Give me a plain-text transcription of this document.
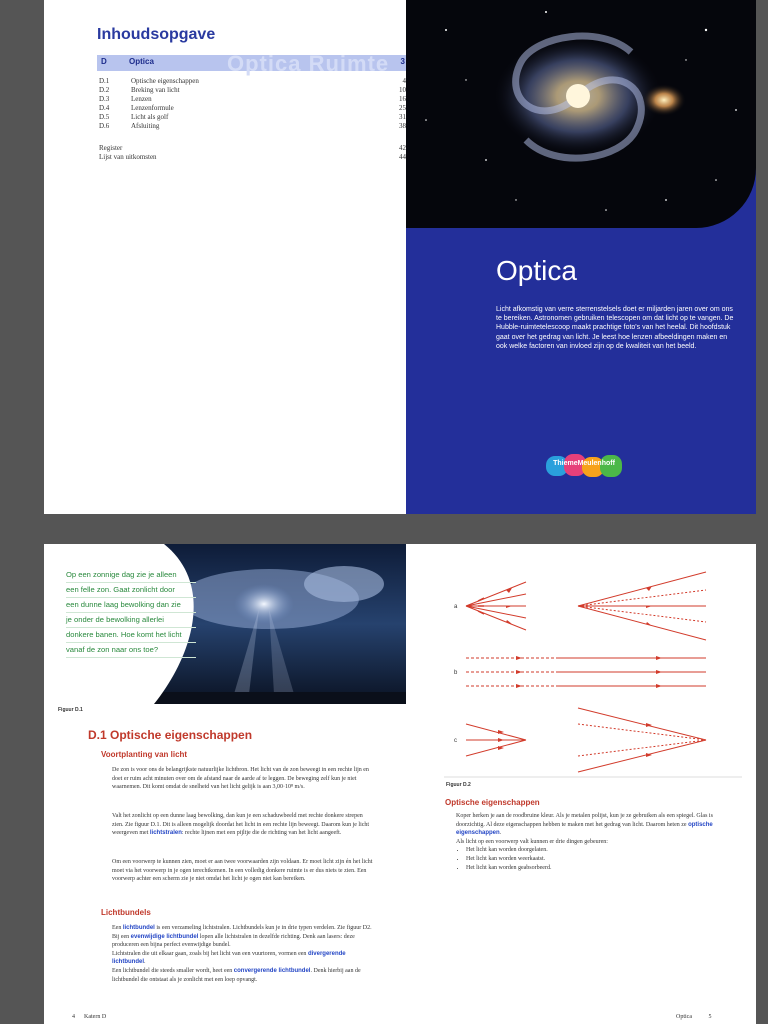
Inhoudsopgave
Optica Ruimte
D	Optica	3
D.1	Optische eigenschappen	4
D.2	Breking van licht	10
D.3	Lenzen	16
D.4	Lenzenformule	25
D.5	Licht als golf	31
D.6	Afsluiting	38
Register	42
Lijst van uitkomsten	44
Optica
Licht afkomstig van verre sterrenstelsels doet er miljarden jaren over om ons te bereiken. Astronomen gebruiken telescopen om dat licht op te vangen. De Hubble-ruimtetelescoop maakt prachtige foto's van het heelal. Dit hoofdstuk gaat over het gedrag van licht. Je leest hoe lenzen afbeeldingen maken en ook welke factoren van invloed zijn op de kwaliteit van het beeld.
ThiemeMeulenhoff

Op een zonnige dag zie je alleen

een felle zon. Gaat zonlicht door

een dunne laag bewolking dan zie

je onder de bewolking allerlei

donkere banen. Hoe komt het licht

vanaf de zon naar ons toe?

Figuur D.1
D.1 Optische eigenschappen
Voortplanting van licht
De zon is voor ons de belangrijkste natuurlijke lichtbron. Het licht van de zon beweegt in een rechte lijn en doet er ruim acht minuten over om de afstand naar de aarde af te leggen. De beweging zelf kun je niet waarnemen. Dit komt omdat de snelheid van het licht gelijk is aan 3,00·10⁸ m/s.
Valt het zonlicht op een dunne laag bewolking, dan kun je een schaduwbeeld met rechte donkere strepen zien. Zie figuur D.1. Dit is alleen mogelijk doordat het licht in een rechte lijn beweegt. Daarom kun je licht weergeven met lichtstralen: rechte lijnen met een pijltje die de richting van het licht aangeeft.
Om een voorwerp te kunnen zien, moet er aan twee voorwaarden zijn voldaan. Er moet licht zijn én het licht moet via het voorwerp in je ogen terechtkomen. In een volledig donkere ruimte is er dus niets te zien. Een voorwerp achter een scherm zie je niet omdat het licht je ogen niet kan bereiken.
Lichtbundels
Een lichtbundel is een verzameling lichtstralen. Lichtbundels kun je in drie typen verdelen. Zie figuur D2.
Bij een evenwijdige lichtbundel lopen alle lichtstralen in dezelfde richting. Denk aan lasers: deze produceren een bijna perfect evenwijdige bundel.
Lichtstralen die uit elkaar gaan, zoals bij het licht van een vuurtoren, vormen een divergerende lichtbundel.
Een lichtbundel die steeds smaller wordt, heet een convergerende lichtbundel. Denk hierbij aan de lichtbundel die ontstaat als je zonlicht met een loep opvangt.
4 Katern D
a
b
c
Figuur D.2
Optische eigenschappen
Koper herken je aan de roodbruine kleur. Als je metalen polijst, kun je ze gebruiken als een spiegel. Glas is doorzichtig. Al deze eigenschappen hebben te maken met het gedrag van licht. Daarom heten ze optische eigenschappen.
Als licht op een voorwerp valt kunnen er drie dingen gebeuren:
• Het licht kan worden doorgelaten.
• Het licht kan worden weerkaatst.
• Het licht kan worden geabsorbeerd.
Optica	5
